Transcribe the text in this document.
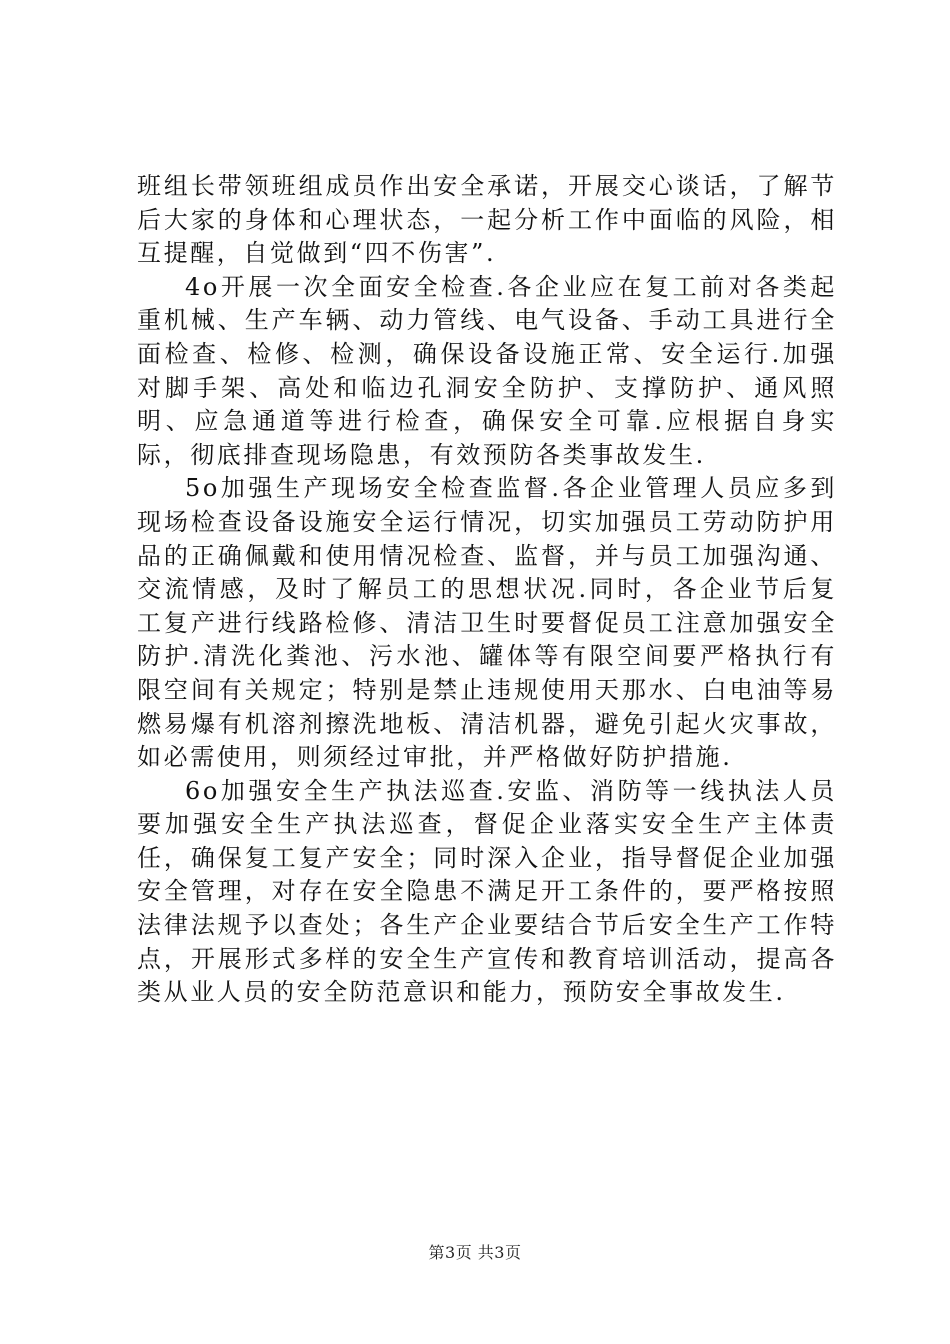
班组长带领班组成员作出安全承诺，开展交心谈话，了解节后大家的身体和心理状态，一起分析工作中面临的风险，相互提醒，自觉做到“四不伤害”.

4o开展一次全面安全检查.各企业应在复工前对各类起重机械、生产车辆、动力管线、电气设备、手动工具进行全面检查、检修、检测，确保设备设施正常、安全运行.加强对脚手架、高处和临边孔洞安全防护、支撑防护、通风照明、应急通道等进行检查，确保安全可靠.应根据自身实际，彻底排查现场隐患，有效预防各类事故发生.

5o加强生产现场安全检查监督.各企业管理人员应多到现场检查设备设施安全运行情况，切实加强员工劳动防护用品的正确佩戴和使用情况检查、监督，并与员工加强沟通、交流情感，及时了解员工的思想状况.同时，各企业节后复工复产进行线路检修、清洁卫生时要督促员工注意加强安全防护.清洗化粪池、污水池、罐体等有限空间要严格执行有限空间有关规定；特别是禁止违规使用天那水、白电油等易燃易爆有机溶剂擦洗地板、清洁机器，避免引起火灾事故，如必需使用，则须经过审批，并严格做好防护措施.

6o加强安全生产执法巡查.安监、消防等一线执法人员要加强安全生产执法巡查，督促企业落实安全生产主体责任，确保复工复产安全；同时深入企业，指导督促企业加强安全管理，对存在安全隐患不满足开工条件的，要严格按照法律法规予以查处；各生产企业要结合节后安全生产工作特点，开展形式多样的安全生产宣传和教育培训活动，提高各类从业人员的安全防范意识和能力，预防安全事故发生.

第3页 共3页
